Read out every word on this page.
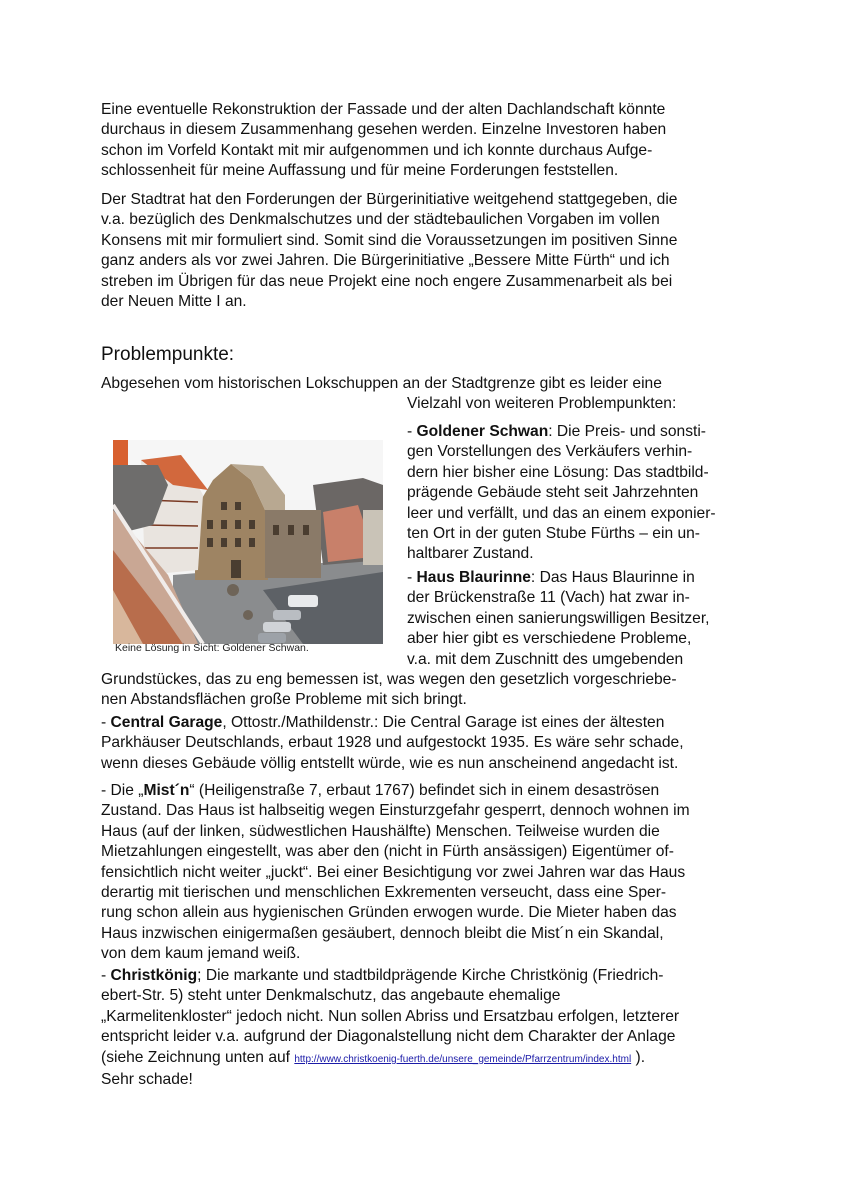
Eine eventuelle Rekonstruktion der Fassade und der alten Dachlandschaft könnte
durchaus in diesem Zusammenhang gesehen werden. Einzelne Investoren haben
schon im Vorfeld Kontakt mit mir aufgenommen und ich konnte durchaus Aufge-
schlossenheit für meine Auffassung und für meine Forderungen feststellen.
Der Stadtrat hat den Forderungen der Bürgerinitiative weitgehend stattgegeben, die
v.a. bezüglich des Denkmalschutzes und der städtebaulichen Vorgaben im vollen
Konsens mit mir formuliert sind. Somit sind die Voraussetzungen im positiven Sinne
ganz anders als vor zwei Jahren. Die Bürgerinitiative „Bessere Mitte Fürth“ und ich
streben im Übrigen für das neue Projekt eine noch engere Zusammenarbeit als bei
der Neuen Mitte I an.
Problempunkte:
Abgesehen vom historischen Lokschuppen an der Stadtgrenze gibt es leider eine
Vielzahl von weiteren Problempunkten:
Keine Lösung in Sicht: Goldener Schwan.
- Goldener Schwan: Die Preis- und sonsti-
gen Vorstellungen des Verkäufers verhin-
dern hier bisher eine Lösung: Das stadtbild-
prägende Gebäude steht seit Jahrzehnten
leer und verfällt, und das an einem exponier-
ten Ort in der guten Stube Fürths – ein un-
haltbarer Zustand.
- Haus Blaurinne: Das Haus Blaurinne in
der Brückenstraße 11 (Vach) hat zwar in-
zwischen einen sanierungswilligen Besitzer,
aber hier gibt es verschiedene Probleme,
v.a. mit dem Zuschnitt des umgebenden
Grundstückes, das zu eng bemessen ist, was wegen den gesetzlich vorgeschriebe-
nen Abstandsflächen große Probleme mit sich bringt.
- Central Garage, Ottostr./Mathildenstr.: Die Central Garage ist eines der ältesten
Parkhäuser Deutschlands, erbaut 1928 und aufgestockt 1935. Es wäre sehr schade,
wenn dieses Gebäude völlig entstellt würde, wie es nun anscheinend angedacht ist.
- Die „Mist´n“ (Heiligenstraße 7, erbaut 1767) befindet sich in einem desaströsen
Zustand. Das Haus ist halbseitig wegen Einsturzgefahr gesperrt, dennoch wohnen im
Haus (auf der linken, südwestlichen Haushälfte) Menschen. Teilweise wurden die
Mietzahlungen eingestellt, was aber den (nicht in Fürth ansässigen) Eigentümer of-
fensichtlich nicht weiter „juckt“. Bei einer Besichtigung vor zwei Jahren war das Haus
derartig mit tierischen und menschlichen Exkrementen verseucht, dass eine Sper-
rung schon allein aus hygienischen Gründen erwogen wurde. Die Mieter haben das
Haus inzwischen einigermaßen gesäubert, dennoch bleibt die Mist´n ein Skandal,
von dem kaum jemand weiß.
- Christkönig; Die markante und stadtbildprägende Kirche Christkönig (Friedrich-
ebert-Str. 5) steht unter Denkmalschutz, das angebaute ehemalige
„Karmelitenkloster“ jedoch nicht. Nun sollen Abriss und Ersatzbau erfolgen, letzterer
entspricht leider v.a. aufgrund der Diagonalstellung nicht dem Charakter der Anlage
(siehe Zeichnung unten auf http://www.christkoenig-fuerth.de/unsere_gemeinde/Pfarrzentrum/index.html ).
Sehr schade!
